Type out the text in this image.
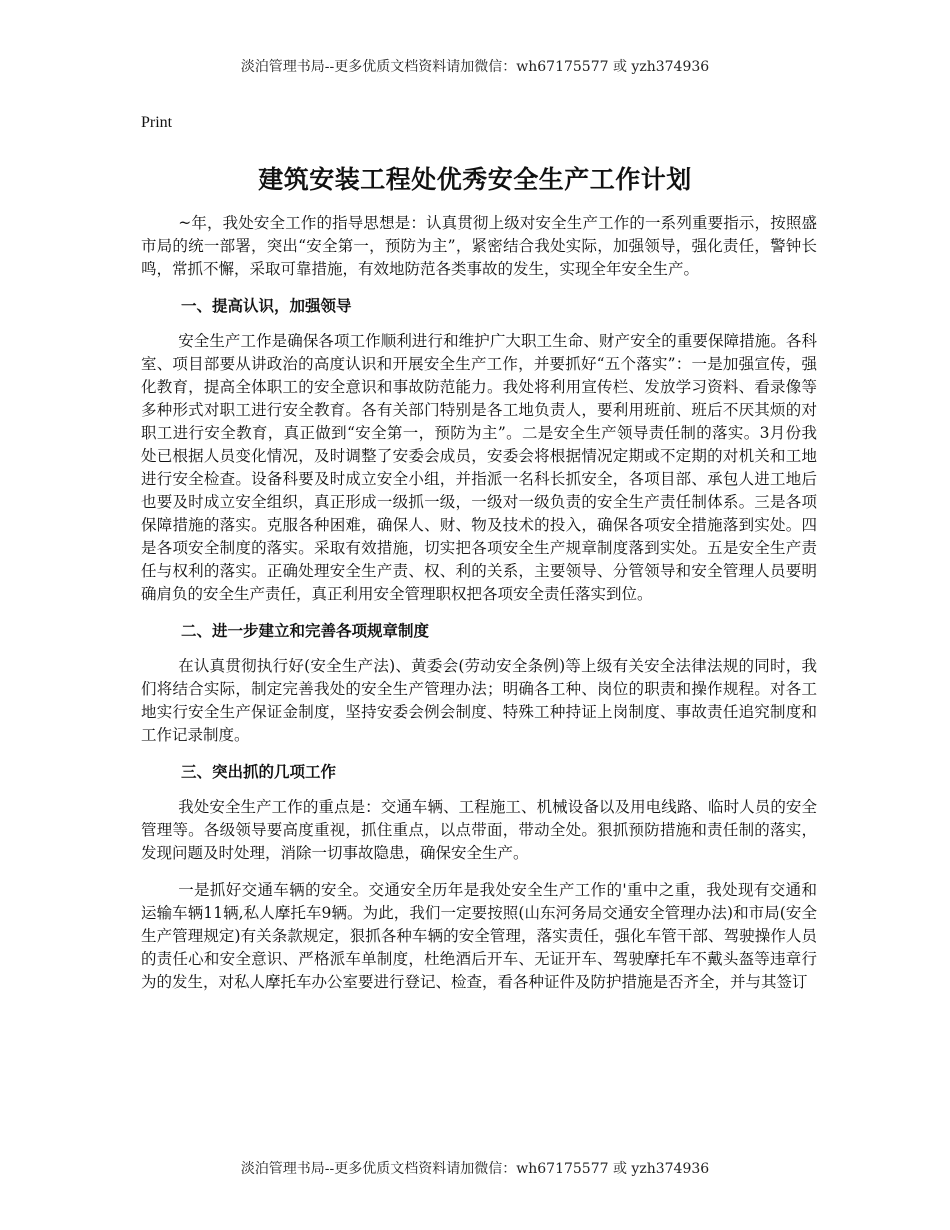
淡泊管理书局--更多优质文档资料请加微信：wh67175577 或 yzh374936
Print
建筑安装工程处优秀安全生产工作计划

~年，我处安全工作的指导思想是：认真贯彻上级对安全生产工作的一系列重要指示，按照盛市局的统一部署，突出“安全第一，预防为主”，紧密结合我处实际，加强领导，强化责任，警钟长鸣，常抓不懈，采取可靠措施，有效地防范各类事故的发生，实现全年安全生产。

一、提高认识，加强领导

安全生产工作是确保各项工作顺利进行和维护广大职工生命、财产安全的重要保障措施。各科室、项目部要从讲政治的高度认识和开展安全生产工作，并要抓好“五个落实”：一是加强宣传，强化教育，提高全体职工的安全意识和事故防范能力。我处将利用宣传栏、发放学习资料、看录像等多种形式对职工进行安全教育。各有关部门特别是各工地负责人，要利用班前、班后不厌其烦的对职工进行安全教育，真正做到“安全第一，预防为主”。二是安全生产领导责任制的落实。3月份我处已根据人员变化情况，及时调整了安委会成员，安委会将根据情况定期或不定期的对机关和工地进行安全检查。设备科要及时成立安全小组，并指派一名科长抓安全，各项目部、承包人进工地后也要及时成立安全组织，真正形成一级抓一级，一级对一级负责的安全生产责任制体系。三是各项保障措施的落实。克服各种困难，确保人、财、物及技术的投入，确保各项安全措施落到实处。四是各项安全制度的落实。采取有效措施，切实把各项安全生产规章制度落到实处。五是安全生产责任与权利的落实。正确处理安全生产责、权、利的关系，主要领导、分管领导和安全管理人员要明确肩负的安全生产责任，真正利用安全管理职权把各项安全责任落实到位。

二、进一步建立和完善各项规章制度

在认真贯彻执行好(安全生产法)、黄委会(劳动安全条例)等上级有关安全法律法规的同时，我们将结合实际，制定完善我处的安全生产管理办法；明确各工种、岗位的职责和操作规程。对各工地实行安全生产保证金制度，坚持安委会例会制度、特殊工种持证上岗制度、事故责任追究制度和工作记录制度。

三、突出抓的几项工作

我处安全生产工作的重点是：交通车辆、工程施工、机械设备以及用电线路、临时人员的安全管理等。各级领导要高度重视，抓住重点，以点带面，带动全处。狠抓预防措施和责任制的落实，发现问题及时处理，消除一切事故隐患，确保安全生产。

一是抓好交通车辆的安全。交通安全历年是我处安全生产工作的'重中之重，我处现有交通和运输车辆11辆,私人摩托车9辆。为此，我们一定要按照(山东河务局交通安全管理办法)和市局(安全生产管理规定)有关条款规定，狠抓各种车辆的安全管理，落实责任，强化车管干部、驾驶操作人员的责任心和安全意识、严格派车单制度，杜绝酒后开车、无证开车、驾驶摩托车不戴头盔等违章行为的发生，对私人摩托车办公室要进行登记、检查，看各种证件及防护措施是否齐全，并与其签订

淡泊管理书局--更多优质文档资料请加微信：wh67175577 或 yzh374936
